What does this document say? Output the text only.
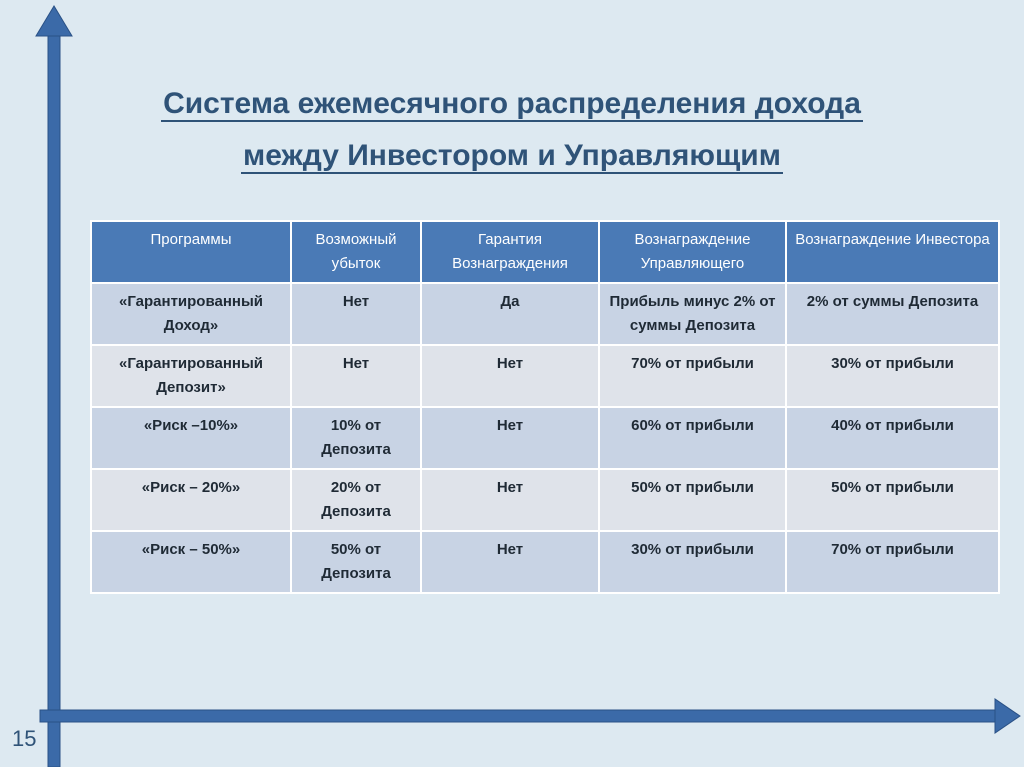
Система ежемесячного распределения дохода
между Инвестором и Управляющим
Программы	Возможный убыток	Гарантия Вознаграждения	Вознаграждение Управляющего	Вознаграждение Инвестора
«Гарантированный Доход»	Нет	Да	Прибыль минус 2% от суммы Депозита	2% от суммы Депозита
«Гарантированный Депозит»	Нет	Нет	70% от прибыли	30% от прибыли
«Риск –10%»	10% от Депозита	Нет	60% от прибыли	40% от прибыли
«Риск – 20%»	20% от Депозита	Нет	50% от прибыли	50% от прибыли
«Риск – 50%»	50% от Депозита	Нет	30% от прибыли	70% от прибыли
15
